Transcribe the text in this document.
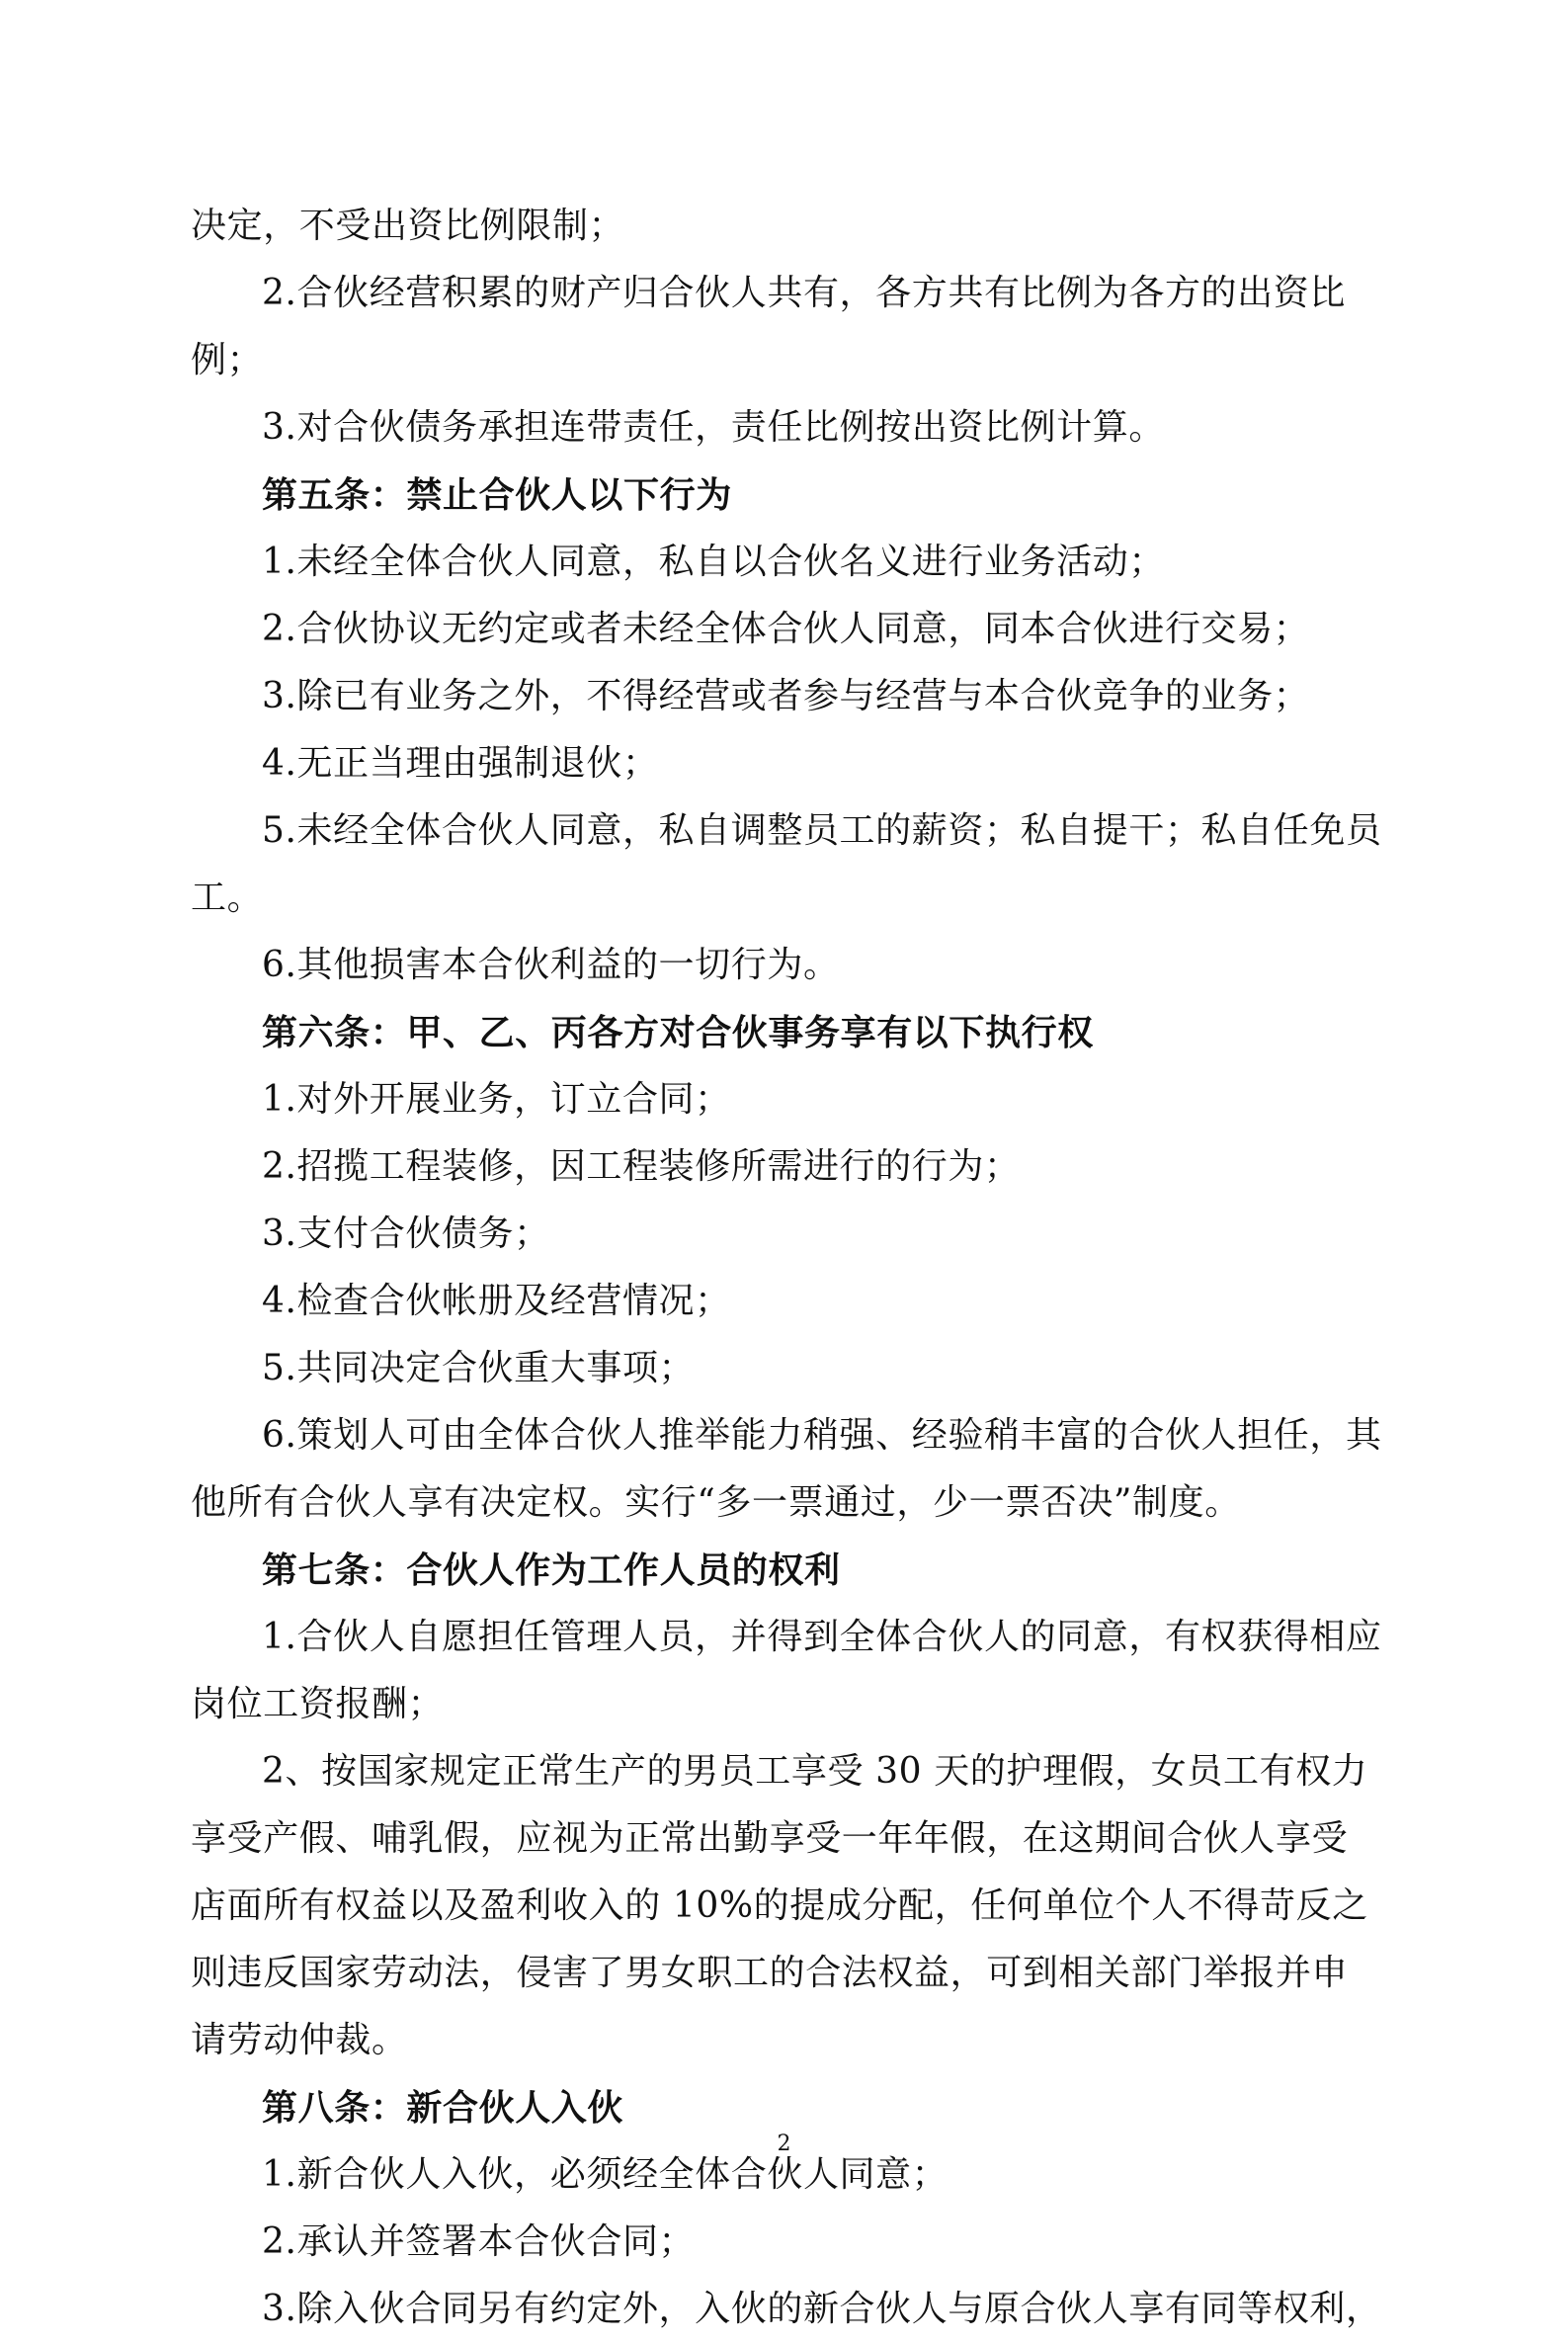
决定，不受出资比例限制；
2.合伙经营积累的财产归合伙人共有，各方共有比例为各方的出资比
例；
3.对合伙债务承担连带责任，责任比例按出资比例计算。
第五条：禁止合伙人以下行为
1.未经全体合伙人同意，私自以合伙名义进行业务活动；
2.合伙协议无约定或者未经全体合伙人同意，同本合伙进行交易；
3.除已有业务之外，不得经营或者参与经营与本合伙竞争的业务；
4.无正当理由强制退伙；
5.未经全体合伙人同意，私自调整员工的薪资；私自提干；私自任免员
工。
6.其他损害本合伙利益的一切行为。
第六条：甲、乙、丙各方对合伙事务享有以下执行权
1.对外开展业务，订立合同；
2.招揽工程装修，因工程装修所需进行的行为；
3.支付合伙债务；
4.检查合伙帐册及经营情况；
5.共同决定合伙重大事项；
6.策划人可由全体合伙人推举能力稍强、经验稍丰富的合伙人担任，其
他所有合伙人享有决定权。实行“多一票通过，少一票否决”制度。
第七条：合伙人作为工作人员的权利
1.合伙人自愿担任管理人员，并得到全体合伙人的同意，有权获得相应
岗位工资报酬；
2、按国家规定正常生产的男员工享受 30 天的护理假，女员工有权力
享受产假、哺乳假，应视为正常出勤享受一年年假，在这期间合伙人享受
店面所有权益以及盈利收入的 10%的提成分配，任何单位个人不得苛反之
则违反国家劳动法，侵害了男女职工的合法权益，可到相关部门举报并申
请劳动仲裁。
第八条：新合伙人入伙
1.新合伙人入伙，必须经全体合伙人同意；
2.承认并签署本合伙合同；
3.除入伙合同另有约定外，入伙的新合伙人与原合伙人享有同等权利，
2
